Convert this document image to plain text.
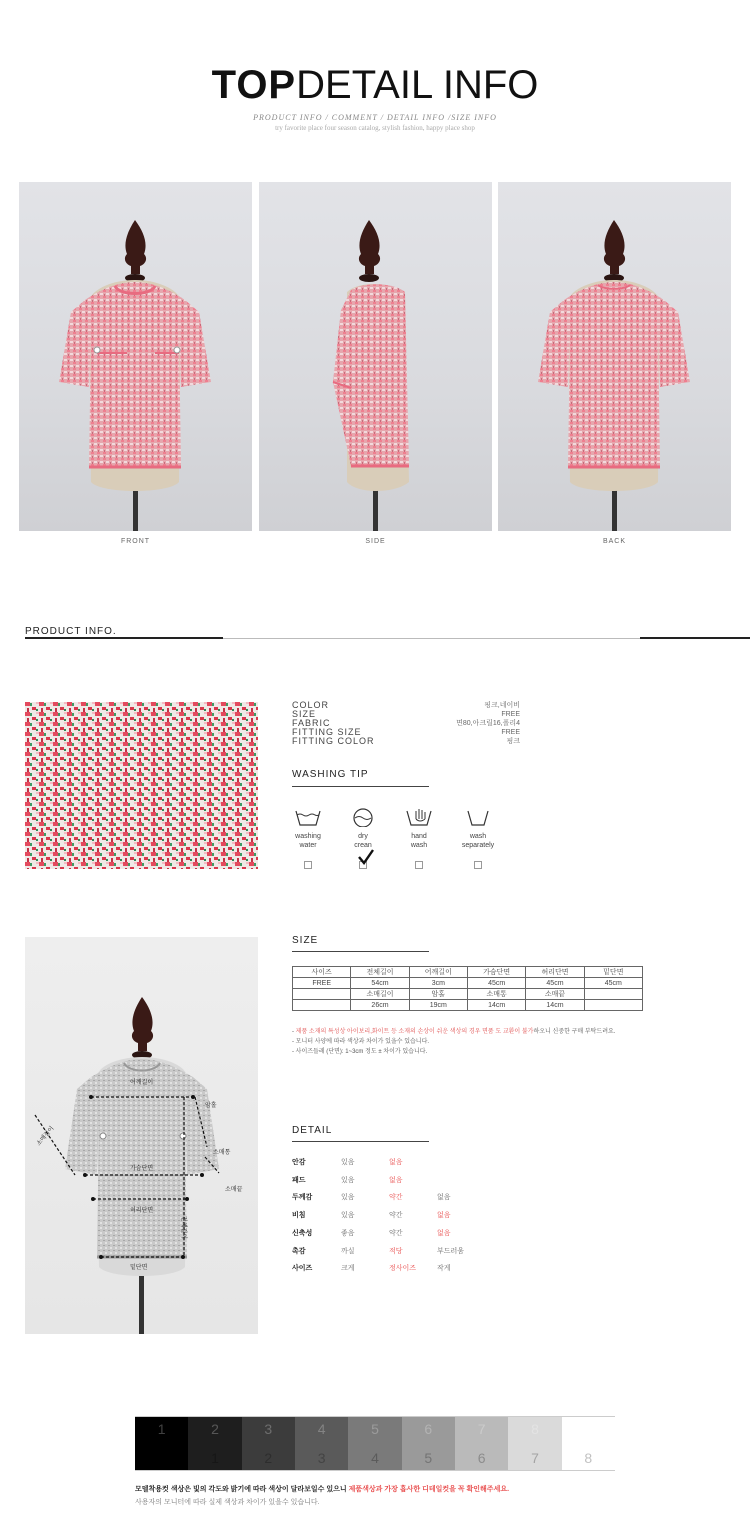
TOPDETAIL INFO
PRODUCT INFO / COMMENT / DETAIL INFO /SIZE INFO
try favorite place four season catalog, stylish fashion, happy place shop
FRONT	SIDE	BACK
PRODUCT INFO.
COLOR	핑크,네이비
SIZE	FREE
FABRIC	면80,아크릴16,폴리4
FITTING SIZE	FREE
FITTING COLOR	핑크
WASHING TIP
washing
water
dry
crean
hand
wash
wash
separately
어깨길이
암홀
소매길이
가슴단면
소매통
소매끝
허리단면
전체길이
밑단면
SIZE
사이즈	전체길이	어깨길이	가슴단면	허리단면	밑단면
FREE	54cm	3cm	45cm	45cm	45cm
	소매길이	암홀	소매통	소매끝	
	26cm	19cm	14cm	14cm	
- 제품 소재의 특성상 아이보리,화이트 등 소재의 손상이 쉬운 색상의 경우 면품 도 교환이 불가하오니 신중한 구매 부탁드려요.
- 모니터 사양에 따라 색상과 차이가 있을수 있습니다.
- 사이즈들레 (단면): 1~3cm 정도 ± 차이가 있습니다.
DETAIL
안감	있음	없음
패드	있음	없음
두께감	있음	약간	없음
비침	있음	약간	없음
신축성	좋음	약간	없음
촉감	까실	적당	부드러움
사이즈	크게	정사이즈	작게
1	2
1
3
2
4
3
5
4
6
5
7
6
8
7	8
모델착용컷 색상은 빛의 각도와 밝기에 따라 색상이 달라보일수 있으니 제품색상과 가장 흡사한 디테일컷을 꼭 확인해주세요.
사용자의 모니터에 따라 실제 색상과 차이가 있을수 있습니다.
